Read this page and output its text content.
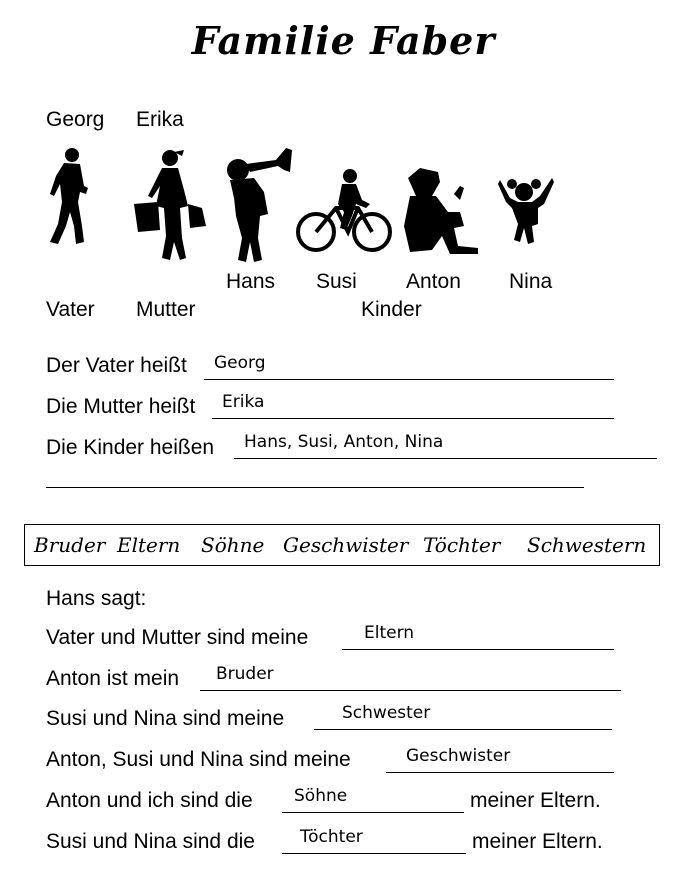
Familie Faber
Georg Erika
Hans Susi Anton Nina
Vater Mutter	Kinder
Der Vater heißt Georg
Die Mutter heißt Erika
Die Kinder heißen Hans, Susi, Anton, Nina
Bruder Eltern Söhne Geschwister Töchter Schwestern
Hans sagt:
Vater und Mutter sind meine	Eltern
Anton ist mein Bruder
Susi und Nina sind meine	Schwester
Anton, Susi und Nina sind meine	Geschwister
Anton und ich sind die Söhne	meiner Eltern.
Susi und Nina sind die	Töchter	meiner Eltern.
